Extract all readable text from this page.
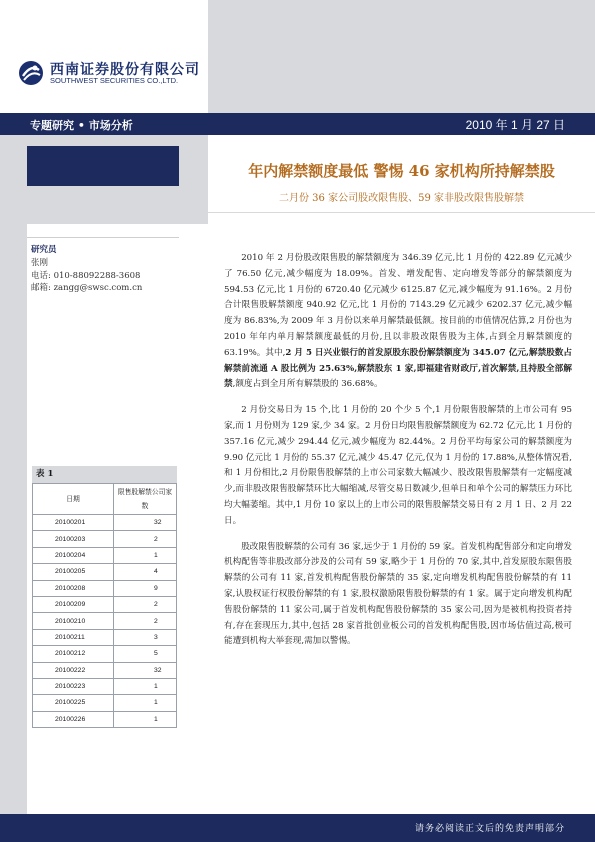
西南证券股份有限公司
SOUTHWEST SECURITIES CO.,LTD.
专题研究 • 市场分析	2010 年 1 月 27 日
年内解禁额度最低 警惕 46 家机构所持解禁股
二月份 36 家公司股改限售股、59 家非股改限售股解禁
研究员
张刚
电话: 010-88092288-3608
邮箱: zangg@swsc.com.cn

2010 年 2 月份股改限售股的解禁额度为 346.39 亿元,比 1 月份的 422.89 亿元减少了 76.50 亿元,减少幅度为 18.09%。首发、增发配售、定向增发等部分的解禁额度为 594.53 亿元,比 1 月份的 6720.40 亿元减少 6125.87 亿元,减少幅度为 91.16%。2 月份合计限售股解禁额度 940.92 亿元,比 1 月份的 7143.29 亿元减少 6202.37 亿元,减少幅度为 86.83%,为 2009 年 3 月份以来单月解禁最低额。按目前的市值情况估算,2 月份也为 2010 年年内单月解禁额度最低的月份,且以非股改限售股为主体,占到全月解禁额度的 63.19%。其中,2 月 5 日兴业银行的首发原股东股份解禁额度为 345.07 亿元,解禁股数占解禁前流通 A 股比例为 25.63%,解禁股东 1 家,即福建省财政厅,首次解禁,且持股全部解禁,额度占到全月所有解禁股的 36.68%。

2 月份交易日为 15 个,比 1 月份的 20 个少 5 个,1 月份限售股解禁的上市公司有 95 家,而 1 月份则为 129 家,少 34 家。2 月份日均限售股解禁额度为 62.72 亿元,比 1 月份的 357.16 亿元,减少 294.44 亿元,减少幅度为 82.44%。2 月份平均每家公司的解禁额度为 9.90 亿元比 1 月份的 55.37 亿元,减少 45.47 亿元,仅为 1 月份的 17.88%,从整体情况看,和 1 月份相比,2 月份限售股解禁的上市公司家数大幅减少、股改限售股解禁有一定幅度减少,而非股改限售股解禁环比大幅缩减,尽管交易日数减少,但单日和单个公司的解禁压力环比均大幅萎缩。其中,1 月份 10 家以上的上市公司的限售股解禁交易日有 2 月 1 日、2 月 22 日。

股改限售股解禁的公司有 36 家,远少于 1 月份的 59 家。首发机构配售部分和定向增发机构配售等非股改部分涉及的公司有 59 家,略少于 1 月份的 70 家,其中,首发原股东限售股解禁的公司有 11 家,首发机构配售股份解禁的 35 家,定向增发机构配售股份解禁的有 11 家,认股权证行权股份解禁的有 1 家,股权激励限售股份解禁的有 1 家。属于定向增发机构配售股份解禁的 11 家公司,属于首发机构配售股份解禁的 35 家公司,因为是被机构投资者持有,存在套现压力,其中,包括 28 家首批创业板公司的首发机构配售股,因市场估值过高,极可能遭到机构大举套现,需加以警惕。

表 1
日期	限售股解禁公司家数
20100201	32
20100203	2
20100204	1
20100205	4
20100208	9
20100209	2
20100210	2
20100211	3
20100212	5
20100222	32
20100223	1
20100225	1
20100226	1
请务必阅读正文后的免责声明部分
